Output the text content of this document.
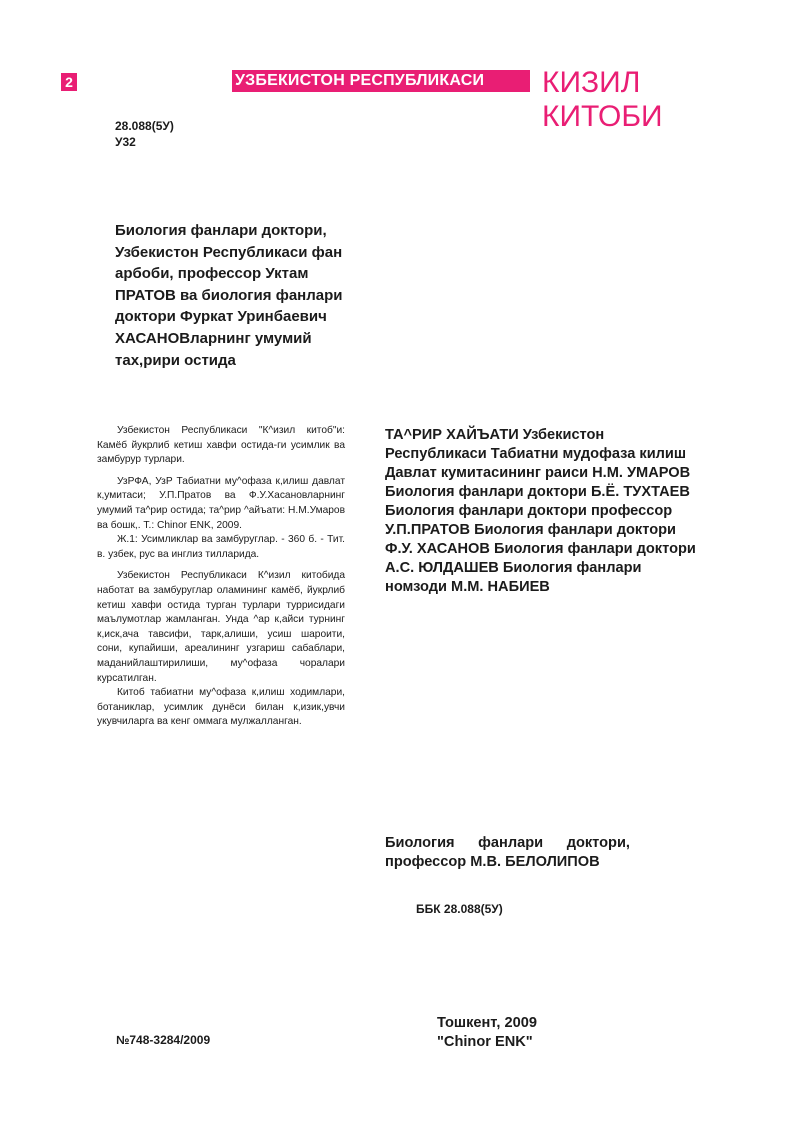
2	УЗБЕКИСТОН РЕСПУБЛИКАСИ	КИЗИЛ
КИТОБИ
28.088(5У)
У32
Биология фанлари доктори, Узбекистон Республикаси фан арбоби, профессор Уктам ПРАТОВ ва биология фанлари доктори Фуркат Уринбаевич ХАСАНОВларнинг умумий тах,рири остида

Узбекистон Республикаси "К^изил китоб"и: Камёб йукрлиб кетиш хавфи остида-ги усимлик ва замбурур турлари.

УзРФА, УзР Табиатни му^офаза к,илиш давлат к,умитаси; У.П.Пратов ва Ф.У.Хасановларнинг умумий та^рир остида; та^рир ^айъати: Н.М.Умаров ва бошк,. Т.: Chinor ENK, 2009.

Ж.1: Усимликлар ва замбуруглар. - 360 б. - Тит. в. узбек, рус ва инглиз тилларида.

Узбекистон Республикаси К^изил китобида наботат ва замбуруглар оламининг камёб, йукрлиб кетиш хавфи остида турган турлари туррисидаги маълумотлар жамланган. Унда ^ар к,айси турнинг к,иск,ача тавсифи, тарк,алиши, усиш шароити, сони, купайиши, ареалининг узгариш сабаблари, маданийлаштирилиши, му^офаза чоралари курсатилган.

Китоб табиатни му^офаза к,илиш ходимлари, ботаниклар, усимлик дунёси билан к,изик,увчи укувчиларга ва кенг оммага мулжалланган.

ТА^РИР ХАЙЪАТИ Узбекистон Республикаси Табиатни мудофаза килиш Давлат кумитасининг раиси Н.М. УМАРОВ Биология фанлари доктори Б.Ё. ТУХТАЕВ Биология фанлари доктори профессор У.П.ПРАТОВ Биология фанлари доктори Ф.У. ХАСАНОВ Биология фанлари доктори А.С. ЮЛДАШЕВ Биология фанлари номзоди М.М. НАБИЕВ
Биология фанлари доктори, профессор М.В. БЕЛОЛИПОВ
ББК 28.088(5У)
№748-3284/2009
Тошкент, 2009
"Chinor ENK"
